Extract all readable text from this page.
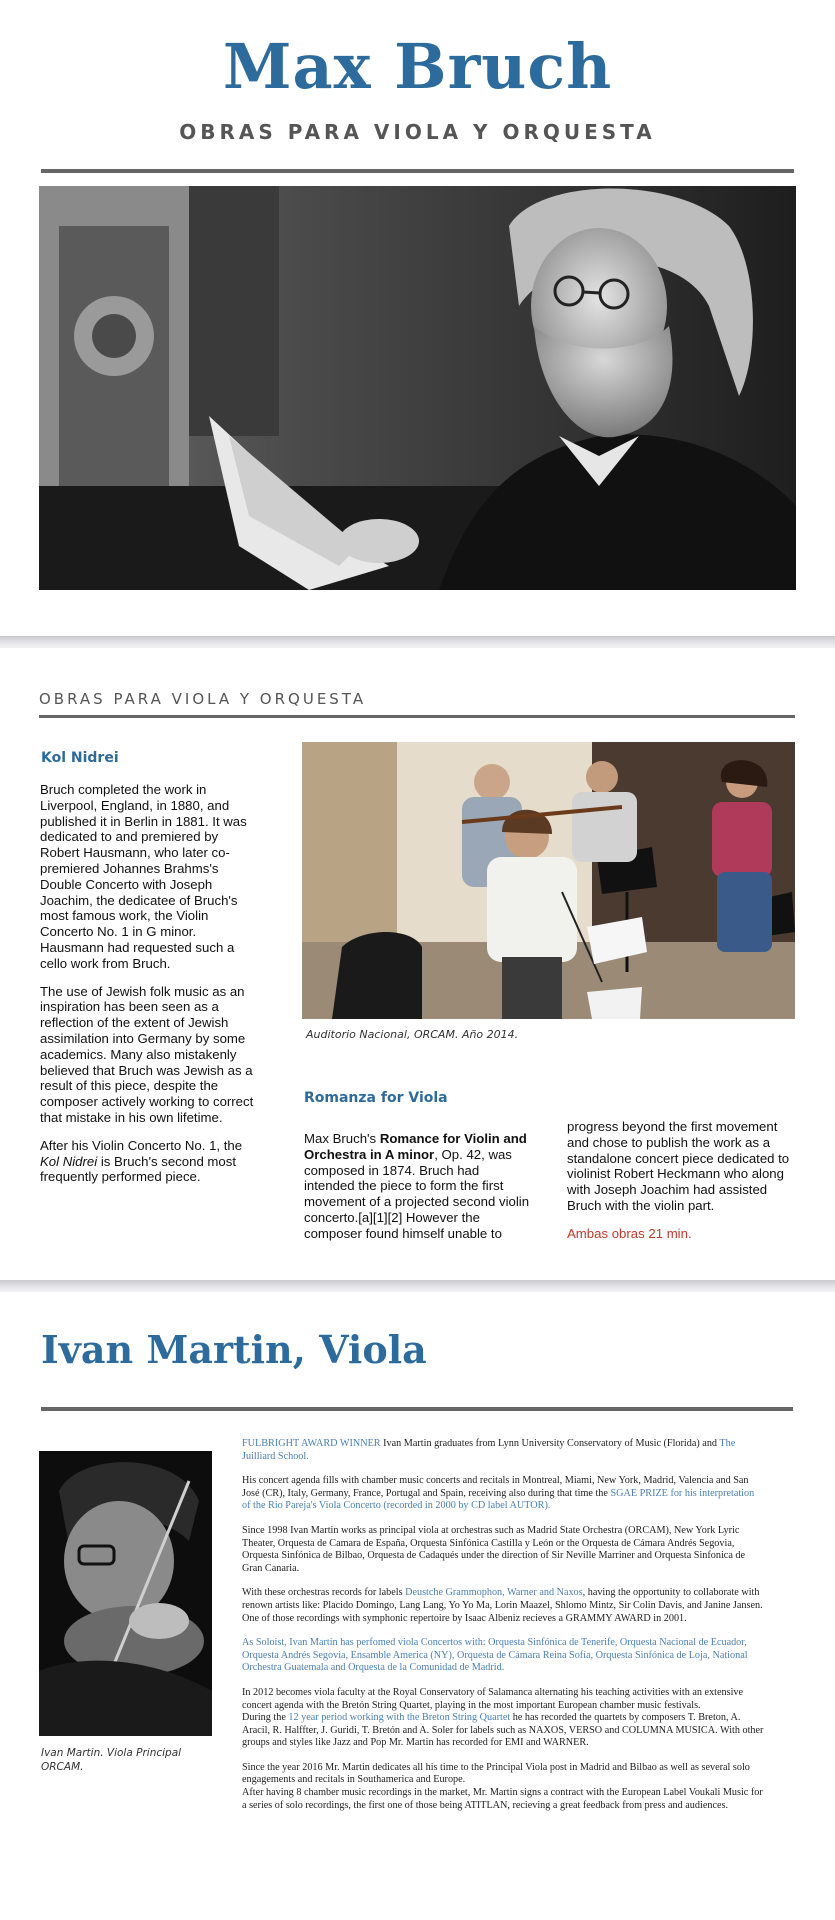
Max Bruch
OBRAS PARA VIOLA Y ORQUESTA
OBRAS PARA VIOLA Y ORQUESTA
Kol Nidrei

Bruch completed the work in Liverpool, England, in 1880, and published it in Berlin in 1881. It was dedicated to and premiered by Robert Hausmann, who later co-premiered Johannes Brahms's Double Concerto with Joseph Joachim, the dedicatee of Bruch's most famous work, the Violin Concerto No. 1 in G minor. Hausmann had requested such a cello work from Bruch.

The use of Jewish folk music as an inspiration has been seen as a reflection of the extent of Jewish assimilation into Germany by some academics. Many also mistakenly believed that Bruch was Jewish as a result of this piece, despite the composer actively working to correct that mistake in his own lifetime.

After his Violin Concerto No. 1, the Kol Nidrei is Bruch's second most frequently performed piece.

Auditorio Nacional, ORCAM. Año 2014.
Romanza for Viola
Max Bruch's Romance for Violin and Orchestra in A minor, Op. 42, was composed in 1874. Bruch had intended the piece to form the first movement of a projected second violin concerto.[a][1][2] However the composer found himself unable to
progress beyond the first movement and chose to publish the work as a standalone concert piece dedicated to violinist Robert Heckmann who along with Joseph Joachim had assisted Bruch with the violin part.
Ambas obras 21 min.
Ivan Martin, Viola
Ivan Martin. Viola Principal
ORCAM.

FULBRIGHT AWARD WINNER Ivan Martin graduates from Lynn University Conservatory of Music (Florida) and The Juilliard School.

His concert agenda fills with chamber music concerts and recitals in Montreal, Miami, New York, Madrid, Valencia and San José (CR), Italy, Germany, France, Portugal and Spain, receiving also during that time the SGAE PRIZE for his interpretation of the Rio Pareja's Viola Concerto (recorded in 2000 by CD label AUTOR).

Since 1998 Ivan Martin works as principal viola at orchestras such as Madrid State Orchestra (ORCAM), New York Lyric Theater, Orquesta de Camara de España, Orquesta Sinfónica Castilla y León or the Orquesta de Cámara Andrés Segovia, Orquesta Sinfónica de Bilbao, Orquesta de Cadaqués under the direction of Sir Neville Marriner and Orquesta Sinfonica de Gran Canaria.

With these orchestras records for labels Deustche Grammophon, Warner and Naxos, having the opportunity to collaborate with renown artists like: Placido Domingo, Lang Lang, Yo Yo Ma, Lorin Maazel, Shlomo Mintz, Sir Colin Davis, and Janine Jansen. One of those recordings with symphonic repertoire by Isaac Albeniz recieves a GRAMMY AWARD in 2001.

As Soloist, Ivan Martin has perfomed viola Concertos with: Orquesta Sinfónica de Tenerife, Orquesta Nacional de Ecuador, Orquesta Andrés Segovia, Ensamble America (NY), Orquesta de Cámara Reina Sofía, Orquesta Sinfónica de Loja, National Orchestra Guatemala and Orquesta de la Comunidad de Madrid.

In 2012 becomes viola faculty at the Royal Conservatory of Salamanca alternating his teaching activities with an extensive concert agenda with the Bretón String Quartet, playing in the most important European chamber music festivals.
During the 12 year period working with the Breton String Quartet he has recorded the quartets by composers T. Breton, A. Aracil, R. Halffter, J. Guridi, T. Bretón and A. Soler for labels such as NAXOS, VERSO and COLUMNA MUSICA. With other groups and styles like Jazz and Pop Mr. Martin has recorded for EMI and WARNER.

Since the year 2016 Mr. Martin dedicates all his time to the Principal Viola post in Madrid and Bilbao as well as several solo engagements and recitals in Southamerica and Europe.
After having 8 chamber music recordings in the market, Mr. Martin signs a contract with the European Label Voukali Music for a series of solo recordings, the first one of those being ATITLAN, recieving a great feedback from press and audiences.
